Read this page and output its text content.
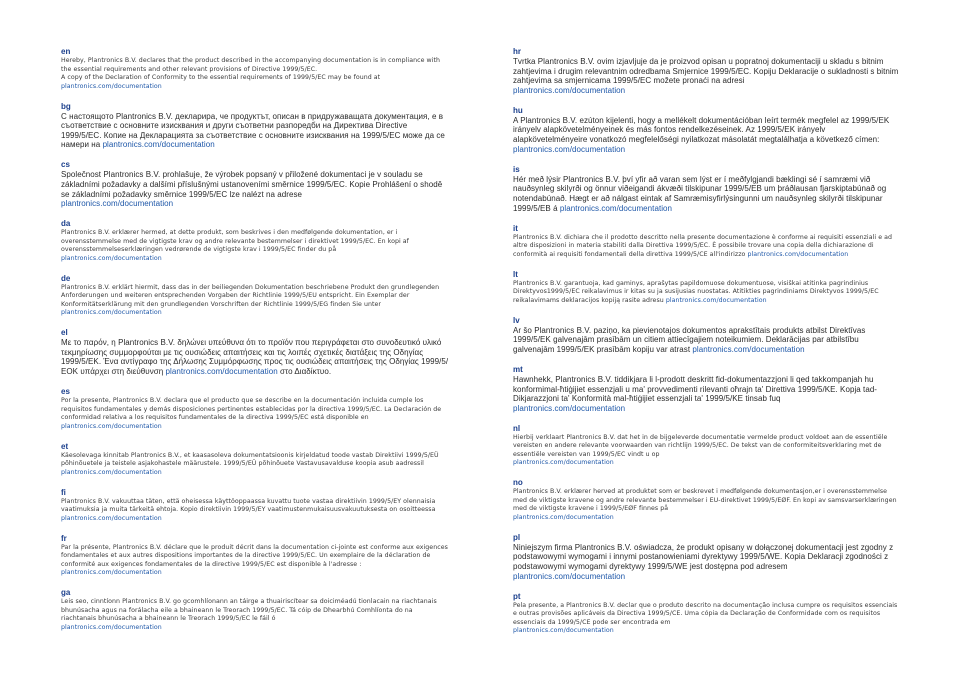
en
Hereby, Plantronics B.V. declares that the product described in the accompanying documentation is in compliance with the essential requirements and other relevant provisions of Directive 1999/5/EC.
A copy of the Declaration of Conformity to the essential requirements of 1999/5/EC may be found at
plantronics.com/documentation
bg
С настоящото Plantronics B.V. декларира, че продуктът, описан в придружаващата документация, е в съответствие с основните изисквания и други съответни разпоредби на Директива Directive 1999/5/EC. Копие на Декларацията за съответствие с основните изисквания на 1999/5/EC може да се намери на plantronics.com/documentation
cs
Společnost Plantronics B.V. prohlašuje, že výrobek popsaný v přiložené dokumentaci je v souladu se základními požadavky a dalšími příslušnými ustanoveními směrnice 1999/5/EC. Kopie Prohlášení o shodě se základními požadavky směrnice 1999/5/EC lze nalézt na adrese
plantronics.com/documentation
da
Plantronics B.V. erklærer hermed, at dette produkt, som beskrives i den medfølgende dokumentation, er i overensstemmelse med de vigtigste krav og andre relevante bestemmelser i direktivet 1999/5/EC. En kopi af overensstemmelseserklæringen vedrørende de vigtigste krav i 1999/5/EC finder du på
plantronics.com/documentation
de
Plantronics B.V. erklärt hiermit, dass das in der beiliegenden Dokumentation beschriebene Produkt den grundlegenden Anforderungen und weiteren entsprechenden Vorgaben der Richtlinie 1999/5/EU entspricht. Ein Exemplar der Konformitätserklärung mit den grundlegenden Vorschriften der Richtlinie 1999/5/EG finden Sie unter plantronics.com/documentation
el
Με το παρόν, η Plantronics B.V. δηλώνει υπεύθυνα ότι το προϊόν που περιγράφεται στο συνοδευτικό υλικό τεκμηρίωσης συμμορφούται με τις ουσιώδεις απαιτήσεις και τις λοιπές σχετικές διατάξεις της Οδηγίας 1999/5/ΕΚ. Ένα αντίγραφο της Δήλωσης Συμμόρφωσης προς τις ουσιώδεις απαιτήσεις της Οδηγίας 1999/5/ΕΟΚ υπάρχει στη διεύθυνση plantronics.com/documentation στο Διαδίκτυο.
es
Por la presente, Plantronics B.V. declara que el producto que se describe en la documentación incluida cumple los requisitos fundamentales y demás disposiciones pertinentes establecidas por la directiva 1999/5/EC. La Declaración de conformidad relativa a los requisitos fundamentales de la directiva 1999/5/EC está disponible en
plantronics.com/documentation
et
Käesolevaga kinnitab Plantronics B.V., et kaasasoleva dokumentatsioonis kirjeldatud toode vastab Direktiivi 1999/5/EÜ põhinõuetele ja teistele asjakohastele määrustele. 1999/5/EÜ põhinõuete Vastavusavalduse koopia asub aadressil plantronics.com/documentation
fi
Plantronics B.V. vakuuttaa täten, että oheisessa käyttöoppaassa kuvattu tuote vastaa direktiivin 1999/5/EY olennaisia vaatimuksia ja muita tärkeitä ehtoja. Kopio direktiivin 1999/5/EY vaatimustenmukaisuusvakuutuksesta on osoitteessa plantronics.com/documentation
fr
Par la présente, Plantronics B.V. déclare que le produit décrit dans la documentation ci-jointe est conforme aux exigences fondamentales et aux autres dispositions importantes de la directive 1999/5/EC. Un exemplaire de la déclaration de conformité aux exigences fondamentales de la directive 1999/5/EC est disponible à l'adresse :
plantronics.com/documentation
ga
Leis seo, cinntíonn Plantronics B.V. go gcomhlíonann an táirge a thuairiscítear sa doiciméadú tionlacain na riachtanais bhunúsacha agus na forálacha eile a bhaineann le Treorach 1999/5/EC. Tá cóip de Dhearbhú Comhlíonta do na riachtanais bhunúsacha a bhaineann le Treorach 1999/5/EC le fáil ó
plantronics.com/documentation
hr
Tvrtka Plantronics B.V. ovim izjavljuje da je proizvod opisan u popratnoj dokumentaciji u skladu s bitnim zahtjevima i drugim relevantnim odredbama Smjernice 1999/5/EC. Kopiju Deklaracije o sukladnosti s bitnim zahtjevima sa smjernicama 1999/5/EC možete pronaći na adresi
plantronics.com/documentation
hu
A Plantronics B.V. ezúton kijelenti, hogy a mellékelt dokumentációban leírt termék megfelel az 1999/5/EK irányelv alapkövetelményeinek és más fontos rendelkezéseinek. Az 1999/5/EK irányelv alapkövetelményeire vonatkozó megfelelőségi nyilatkozat másolatát megtalálhatja a következő címen:
plantronics.com/documentation
is
Hér með lýsir Plantronics B.V. því yfir að varan sem lýst er í meðfylgjandi bæklingi sé í samræmi við nauðsynleg skilyrði og önnur viðeigandi ákvæði tilskipunar 1999/5/EB um þráðlausan fjarskiptabúnað og notendabúnað. Hægt er að nálgast eintak af Samræmisyfirlýsingunni um nauðsynleg skilyrði tilskipunar 1999/5/EB á plantronics.com/documentation
it
Plantronics B.V. dichiara che il prodotto descritto nella presente documentazione è conforme ai requisiti essenziali e ad altre disposizioni in materia stabiliti dalla Direttiva 1999/5/EC. È possibile trovare una copia della dichiarazione di conformità ai requisiti fondamentali della direttiva 1999/5/CE all'indirizzo plantronics.com/documentation
lt
Plantronics B.V. garantuoja, kad gaminys, aprašytas papildomuose dokumentuose, visiškai atitinka pagrindinius Direktyvos1999/5/EC reikalavimus ir kitas su ja susijusias nuostatas. Atitikties pagrindiniams Direktyvos 1999/5/EC reikalavimams deklaracijos kopiją rasite adresu plantronics.com/documentation
lv
Ar šo Plantronics B.V. paziņo, ka pievienotajos dokumentos aprakstītais produkts atbilst Direktīvas 1999/5/EK galvenajām prasībām un citiem attiecīgajiem noteikumiem. Deklarācijas par atbilstību galvenajām 1999/5/EK prasībām kopiju var atrast plantronics.com/documentation
mt
Hawnhekk, Plantronics B.V. tiddikjara li l-prodott deskritt fid-dokumentazzjoni li qed takkompanjah hu konformimal-ħtiġijiet essenzjali u ma' provvedimenti rilevanti oħrajn ta' Direttiva 1999/5/KE. Kopja tad-Dikjarazzjoni ta' Konformità mal-ħtiġijiet essenzjali ta' 1999/5/KE tinsab fuq
plantronics.com/documentation
nl
Hierbij verklaart Plantronics B.V. dat het in de bijgeleverde documentatie vermelde product voldoet aan de essentiële vereisten en andere relevante voorwaarden van richtlijn 1999/5/EC. De tekst van de conformiteitsverklaring met de essentiële vereisten van 1999/5/EC vindt u op
plantronics.com/documentation
no
Plantronics B.V. erklærer herved at produktet som er beskrevet i medfølgende dokumentasjon,er i overensstemmelse med de viktigste kravene og andre relevante bestemmelser i EU-direktivet 1999/5/EØF. En kopi av samsvarserklæringen med de viktigste kravene i 1999/5/EØF finnes på
plantronics.com/documentation
pl
Niniejszym firma Plantronics B.V. oświadcza, że produkt opisany w dołączonej dokumentacji jest zgodny z podstawowymi wymogami i innymi postanowieniami dyrektywy 1999/5/WE. Kopia Deklaracji zgodności z podstawowymi wymogami dyrektywy 1999/5/WE jest dostępna pod adresem
plantronics.com/documentation
pt
Pela presente, a Plantronics B.V. declar que o produto descrito na documentação inclusa cumpre os requisitos essenciais e outras provisões aplicáveis da Directiva 1999/5/CE. Uma cópia da Declaração de Conformidade com os requisitos essenciais da 1999/5/CE pode ser encontrada em
plantronics.com/documentation
